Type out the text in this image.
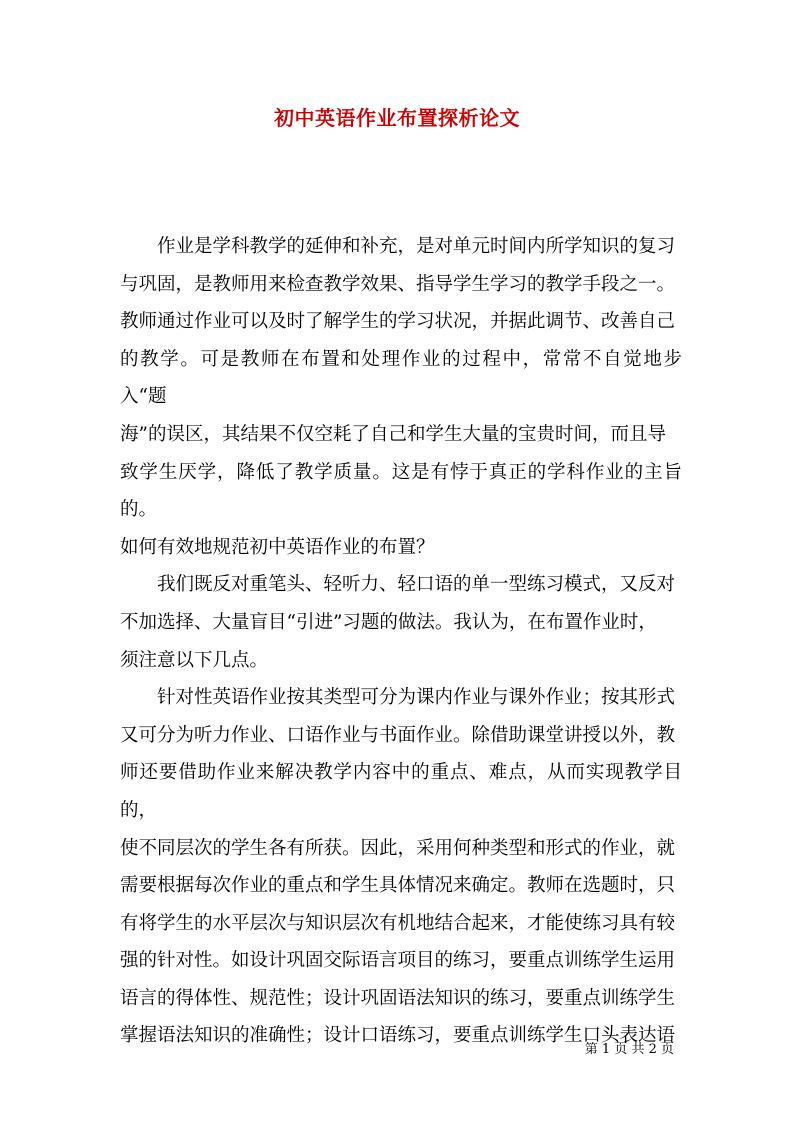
初中英语作业布置探析论文

　　作业是学科教学的延伸和补充，是对单元时间内所学知识的复习

与巩固，是教师用来检查教学效果、指导学生学习的教学手段之一。

教师通过作业可以及时了解学生的学习状况，并据此调节、改善自己

的教学。可是教师在布置和处理作业的过程中，常常不自觉地步入“题

海”的误区，其结果不仅空耗了自己和学生大量的宝贵时间，而且导

致学生厌学，降低了教学质量。这是有悖于真正的学科作业的主旨的。

如何有效地规范初中英语作业的布置？

　　我们既反对重笔头、轻听力、轻口语的单一型练习模式，又反对

不加选择、大量盲目“引进”习题的做法。我认为，在布置作业时，

须注意以下几点。

　　针对性英语作业按其类型可分为课内作业与课外作业；按其形式

又可分为听力作业、口语作业与书面作业。除借助课堂讲授以外，教

师还要借助作业来解决教学内容中的重点、难点，从而实现教学目的，

使不同层次的学生各有所获。因此，采用何种类型和形式的作业，就

需要根据每次作业的重点和学生具体情况来确定。教师在选题时，只

有将学生的水平层次与知识层次有机地结合起来，才能使练习具有较

强的针对性。如设计巩固交际语言项目的练习，要重点训练学生运用

语言的得体性、规范性；设计巩固语法知识的练习，要重点训练学生

掌握语法知识的准确性；设计口语练习，要重点训练学生口头表达语

第 1 页 共 2 页
